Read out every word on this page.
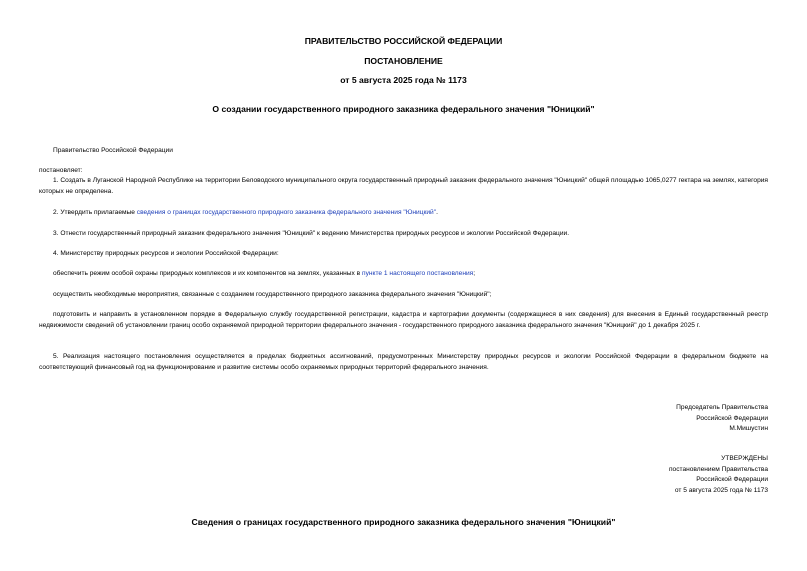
ПРАВИТЕЛЬСТВО РОССИЙСКОЙ ФЕДЕРАЦИИ
ПОСТАНОВЛЕНИЕ
от 5 августа 2025 года № 1173
О создании государственного природного заказника федерального значения "Юницкий"
Правительство Российской Федерации
постановляет:
1. Создать в Луганской Народной Республике на территории Беловодского муниципального округа государственный природный заказник федерального значения "Юницкий" общей площадью 1065,0277 гектара на землях, категория которых не определена.
2. Утвердить прилагаемые сведения о границах государственного природного заказника федерального значения "Юницкий".
3. Отнести государственный природный заказник федерального значения "Юницкий" к ведению Министерства природных ресурсов и экологии Российской Федерации.
4. Министерству природных ресурсов и экологии Российской Федерации:
обеспечить режим особой охраны природных комплексов и их компонентов на землях, указанных в пункте 1 настоящего постановления;
осуществить необходимые мероприятия, связанные с созданием государственного природного заказника федерального значения "Юницкий";
подготовить и направить в установленном порядке в Федеральную службу государственной регистрации, кадастра и картографии документы (содержащиеся в них сведения) для внесения в Единый государственный реестр недвижимости сведений об установлении границ особо охраняемой природной территории федерального значения - государственного природного заказника федерального значения "Юницкий" до 1 декабря 2025 г.
5. Реализация настоящего постановления осуществляется в пределах бюджетных ассигнований, предусмотренных Министерству природных ресурсов и экологии Российской Федерации в федеральном бюджете на соответствующий финансовый год на функционирование и развитие системы особо охраняемых природных территорий федерального значения.
Председатель Правительства
Российской Федерации
М.Мишустин
УТВЕРЖДЕНЫ
постановлением Правительства
Российской Федерации
от 5 августа 2025 года № 1173
Сведения о границах государственного природного заказника федерального значения "Юницкий"
